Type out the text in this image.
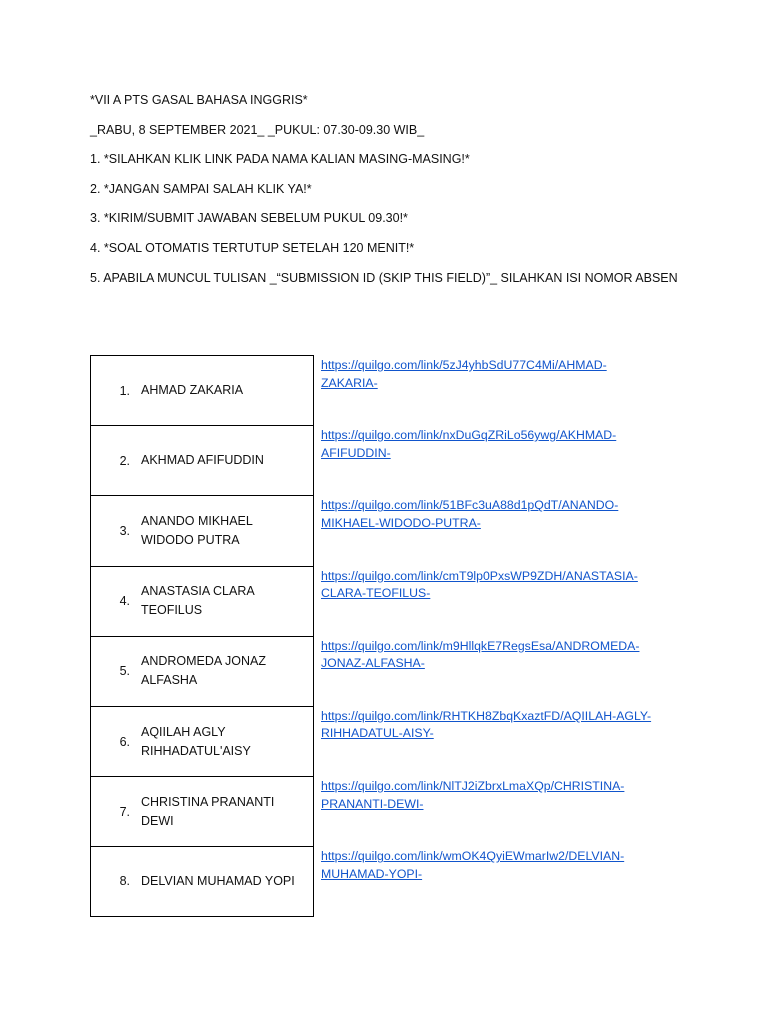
*VII A PTS GASAL BAHASA INGGRIS*
_RABU, 8 SEPTEMBER 2021_ _PUKUL: 07.30-09.30 WIB_
1. *SILAHKAN KLIK LINK PADA NAMA KALIAN MASING-MASING!*
2. *JANGAN SAMPAI SALAH KLIK YA!*
3. *KIRIM/SUBMIT JAWABAN SEBELUM PUKUL 09.30!*
4. *SOAL OTOMATIS TERTUTUP SETELAH 120 MENIT!*
5. APABILA MUNCUL TULISAN _“SUBMISSION ID (SKIP THIS FIELD)”_ SILAHKAN ISI NOMOR ABSEN
1. AHMAD ZAKARIA
https://quilgo.com/link/5zJ4yhbSdU77C4Mi/AHMAD-
ZAKARIA-
2. AKHMAD AFIFUDDIN
https://quilgo.com/link/nxDuGqZRiLo56ywg/AKHMAD-
AFIFUDDIN-
3.
ANANDO MIKHAEL
WIDODO PUTRA
https://quilgo.com/link/51BFc3uA88d1pQdT/ANANDO-
MIKHAEL-WIDODO-PUTRA-
4.
ANASTASIA CLARA
TEOFILUS
https://quilgo.com/link/cmT9lp0PxsWP9ZDH/ANASTASIA-
CLARA-TEOFILUS-
5.
ANDROMEDA JONAZ
ALFASHA
https://quilgo.com/link/m9HllqkE7RegsEsa/ANDROMEDA-
JONAZ-ALFASHA-
6.
AQIILAH AGLY
RIHHADATUL'AISY
https://quilgo.com/link/RHTKH8ZbqKxaztFD/AQIILAH-AGLY-
RIHHADATUL-AISY-
7.
CHRISTINA PRANANTI
DEWI
https://quilgo.com/link/NlTJ2iZbrxLmaXQp/CHRISTINA-
PRANANTI-DEWI-
8. DELVIAN MUHAMAD YOPI
https://quilgo.com/link/wmOK4QyiEWmarIw2/DELVIAN-
MUHAMAD-YOPI-
